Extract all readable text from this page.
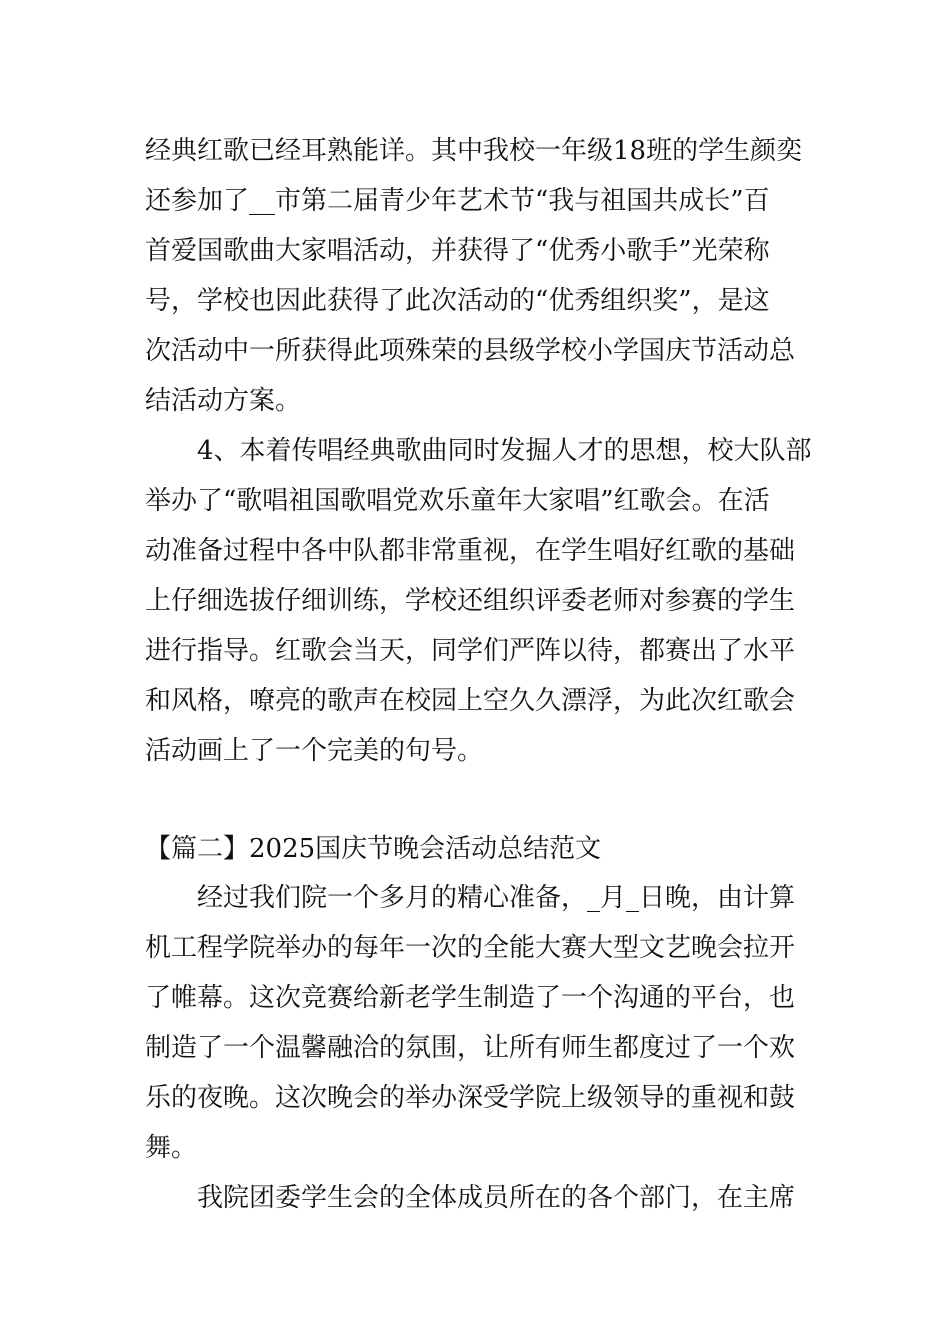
经典红歌已经耳熟能详。其中我校一年级18班的学生颜奕

还参加了__市第二届青少年艺术节“我与祖国共成长”百

首爱国歌曲大家唱活动，并获得了“优秀小歌手”光荣称

号，学校也因此获得了此次活动的“优秀组织奖”，是这

次活动中一所获得此项殊荣的县级学校小学国庆节活动总

结活动方案。

4、本着传唱经典歌曲同时发掘人才的思想，校大队部

举办了“歌唱祖国歌唱党欢乐童年大家唱”红歌会。在活

动准备过程中各中队都非常重视，在学生唱好红歌的基础

上仔细选拔仔细训练，学校还组织评委老师对参赛的学生

进行指导。红歌会当天，同学们严阵以待，都赛出了水平

和风格，嘹亮的歌声在校园上空久久漂浮，为此次红歌会

活动画上了一个完美的句号。

【篇二】2025国庆节晚会活动总结范文

经过我们院一个多月的精心准备，_月_日晚，由计算

机工程学院举办的每年一次的全能大赛大型文艺晚会拉开

了帷幕。这次竞赛给新老学生制造了一个沟通的平台，也

制造了一个温馨融洽的氛围，让所有师生都度过了一个欢

乐的夜晚。这次晚会的举办深受学院上级领导的重视和鼓

舞。

我院团委学生会的全体成员所在的各个部门，在主席
